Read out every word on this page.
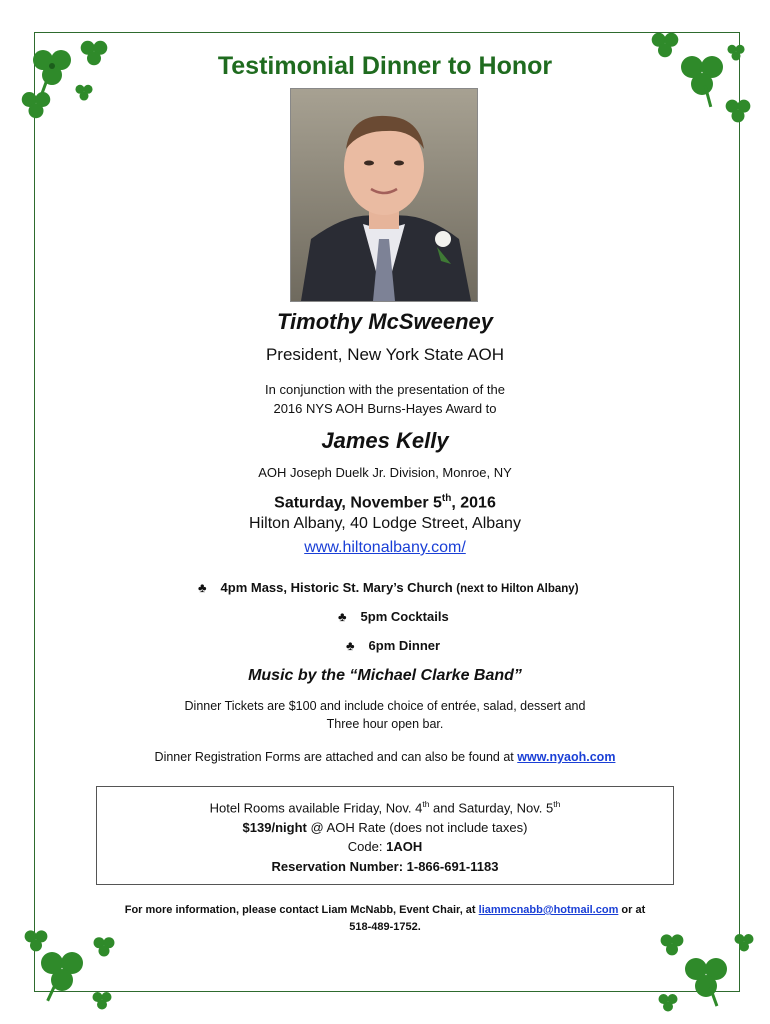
Testimonial Dinner to Honor
Timothy McSweeney
President, New York State AOH
In conjunction with the presentation of the
2016 NYS AOH Burns-Hayes Award to
James Kelly
AOH Joseph Duelk Jr. Division, Monroe, NY
Saturday, November 5th, 2016
Hilton Albany, 40 Lodge Street, Albany
www.hiltonalbany.com/
♣ 4pm Mass, Historic St. Mary’s Church (next to Hilton Albany)
♣ 5pm Cocktails
♣ 6pm Dinner
Music by the “Michael Clarke Band”
Dinner Tickets are $100 and include choice of entrée, salad, dessert and
Three hour open bar.
Dinner Registration Forms are attached and can also be found at www.nyaoh.com
Hotel Rooms available Friday, Nov. 4th and Saturday, Nov. 5th
$139/night @ AOH Rate (does not include taxes)
Code: 1AOH
Reservation Number: 1-866-691-1183
For more information, please contact Liam McNabb, Event Chair, at liammcnabb@hotmail.com or at
518-489-1752.
